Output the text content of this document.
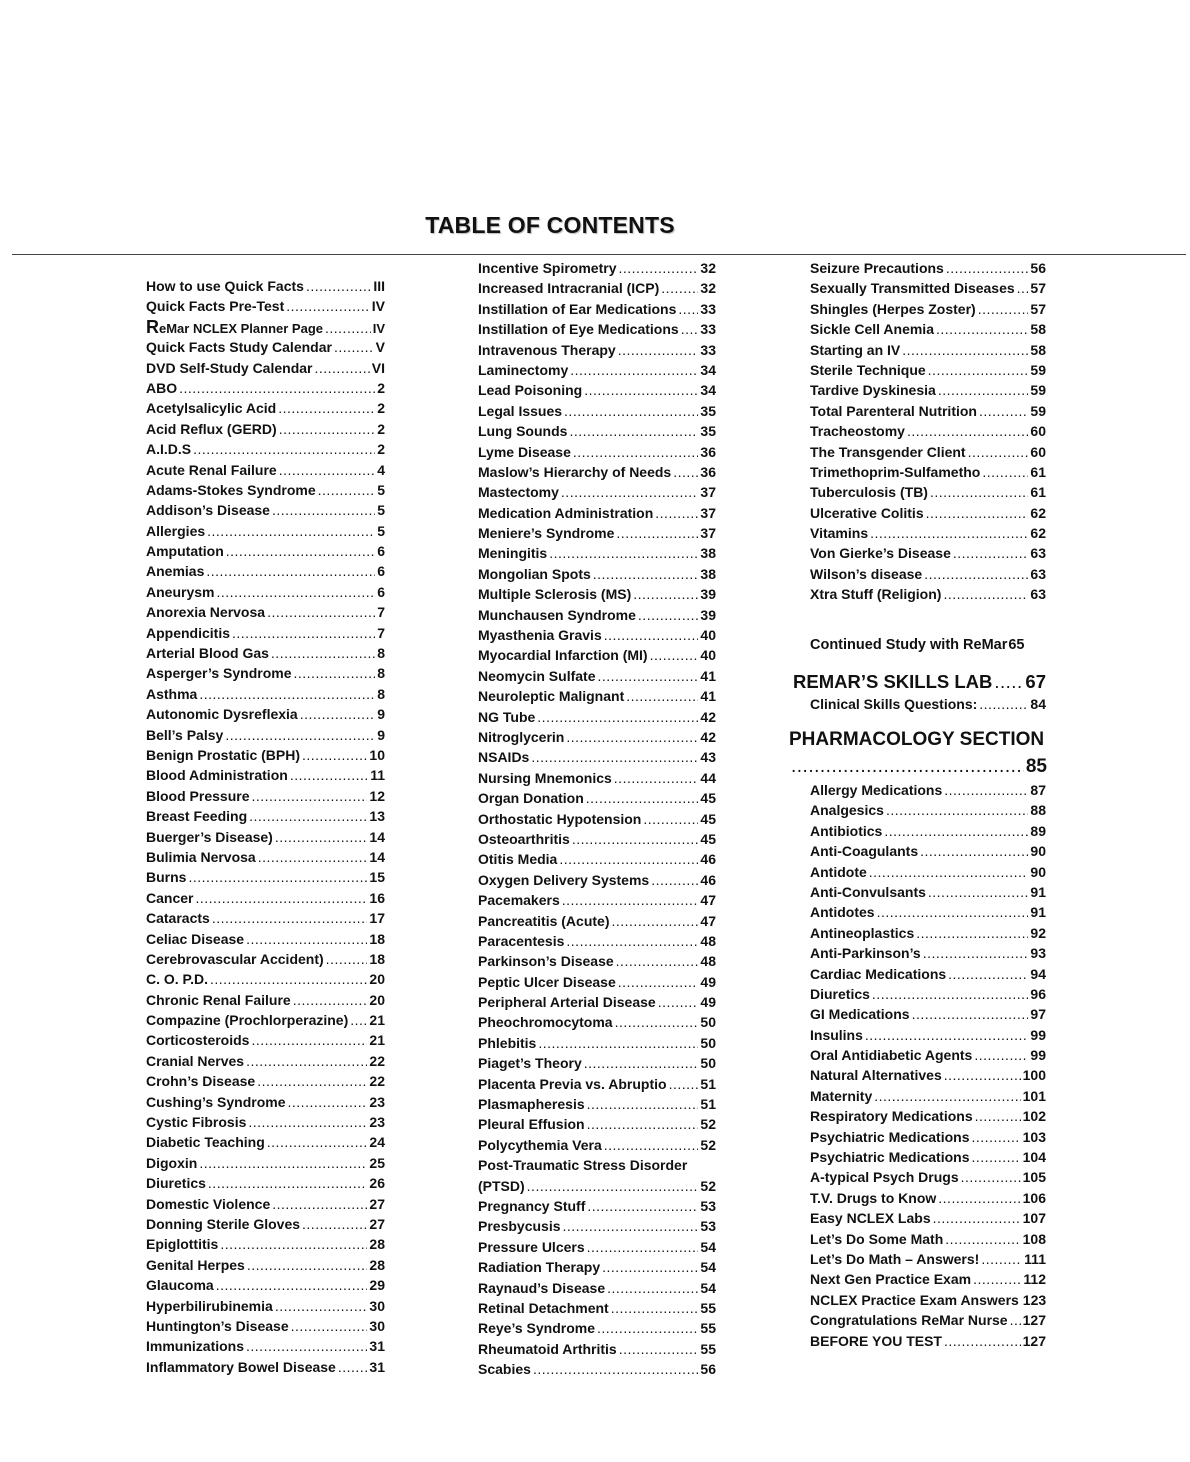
TABLE OF CONTENTS
How to use Quick Facts .....	III
Quick Facts Pre-Test .....	IV
ReMar NCLEX Planner Page .....	IV
Quick Facts Study Calendar .....	V
DVD Self-Study Calendar .....	VI
ABO .....	2
Acetylsalicylic Acid .....	2
Acid Reflux (GERD) .....	2
A.I.D.S .....	2
Acute Renal Failure .....	4
Adams-Stokes Syndrome .....	5
Addison’s Disease .....	5
Allergies .....	5
Amputation .....	6
Anemias .....	6
Aneurysm .....	6
Anorexia Nervosa .....	7
Appendicitis .....	7
Arterial Blood Gas .....	8
Asperger’s Syndrome .....	8
Asthma .....	8
Autonomic Dysreflexia .....	9
Bell’s Palsy .....	9
Benign Prostatic (BPH) .....	10
Blood Administration .....	11
Blood Pressure .....	12
Breast Feeding .....	13
Buerger’s Disease) .....	14
Bulimia Nervosa .....	14
Burns .....	15
Cancer .....	16
Cataracts .....	17
Celiac Disease .....	18
Cerebrovascular Accident) .....	18
C. O. P.D. .....	20
Chronic Renal Failure .....	20
Compazine (Prochlorperazine) ..... 21
Corticosteroids .....	21
Cranial Nerves .....	22
Crohn’s Disease .....	22
Cushing’s Syndrome .....	23
Cystic Fibrosis .....	23
Diabetic Teaching .....	24
Digoxin .....	25
Diuretics .....	26
Domestic Violence .....	27
Donning Sterile Gloves .....	27
Epiglottitis .....	28
Genital Herpes .....	28
Glaucoma .....	29
Hyperbilirubinemia .....	30
Huntington’s Disease .....	30
Immunizations .....	31
Inflammatory Bowel Disease ..... 31
Incentive Spirometry .....	32
Increased Intracranial (ICP) .....	32
Instillation of Ear Medications ..... 33
Instillation of Eye Medications ..... 33
Intravenous Therapy .....	33
Laminectomy .....	34
Lead Poisoning .....	34
Legal Issues .....	35
Lung Sounds .....	35
Lyme Disease .....	36
Maslow’s Hierarchy of Needs ..... 36
Mastectomy .....	37
Medication Administration .....	37
Meniere’s Syndrome .....	37
Meningitis .....	38
Mongolian Spots .....	38
Multiple Sclerosis (MS) .....	39
Munchausen Syndrome .....	39
Myasthenia Gravis .....	40
Myocardial Infarction (MI) .....	40
Neomycin Sulfate .....	41
Neuroleptic Malignant .....	41
NG Tube .....	42
Nitroglycerin .....	42
NSAIDs .....	43
Nursing Mnemonics .....	44
Organ Donation .....	45
Orthostatic Hypotension .....	45
Osteoarthritis .....	45
Otitis Media .....	46
Oxygen Delivery Systems .....	46
Pacemakers .....	47
Pancreatitis (Acute) .....	47
Paracentesis .....	48
Parkinson’s Disease .....	48
Peptic Ulcer Disease .....	49
Peripheral Arterial Disease .....	49
Pheochromocytoma .....	50
Phlebitis .....	50
Piaget’s Theory .....	50
Placenta Previa vs. Abruptio ..... 51
Plasmapheresis .....	51
Pleural Effusion .....	52
Polycythemia Vera .....	52
Post-Traumatic Stress Disorder
(PTSD) .....	52
Pregnancy Stuff .....	53
Presbycusis .....	53
Pressure Ulcers .....	54
Radiation Therapy .....	54
Raynaud’s Disease .....	54
Retinal Detachment .....	55
Reye’s Syndrome .....	55
Rheumatoid Arthritis .....	55
Scabies .....	56
Seizure Precautions .....	56
Sexually Transmitted Diseases ..... 57
Shingles (Herpes Zoster) .....	57
Sickle Cell Anemia .....	58
Starting an IV .....	58
Sterile Technique .....	59
Tardive Dyskinesia .....	59
Total Parenteral Nutrition .....	59
Tracheostomy .....	60
The Transgender Client .....	60
Trimethoprim-Sulfametho .....	61
Tuberculosis (TB) .....	61
Ulcerative Colitis .....	62
Vitamins .....	62
Von Gierke’s Disease .....	63
Wilson’s disease .....	63
Xtra Stuff (Religion) .....	63
Continued Study with ReMar 65
REMAR’S SKILLS LAB ..... 67
Clinical Skills Questions: .....	84
PHARMACOLOGY SECTION
.....
85
Allergy Medications .....	87
Analgesics .....	88
Antibiotics .....	89
Anti-Coagulants .....	90
Antidote .....	90
Anti-Convulsants .....	91
Antidotes .....	91
Antineoplastics .....	92
Anti-Parkinson’s .....	93
Cardiac Medications .....	94
Diuretics .....	96
GI Medications .....	97
Insulins .....	99
Oral Antidiabetic Agents .....	99
Natural Alternatives .....	100
Maternity .....	101
Respiratory Medications .....	102
Psychiatric Medications .....	103
Psychiatric Medications .....	104
A-typical Psych Drugs .....	105
T.V. Drugs to Know .....	106
Easy NCLEX Labs .....	107
Let’s Do Some Math .....	108
Let’s Do Math – Answers! .....	111
Next Gen Practice Exam .....	112
NCLEX Practice Exam Answers 123
Congratulations ReMar Nurse ..... 127
BEFORE YOU TEST .....	127
